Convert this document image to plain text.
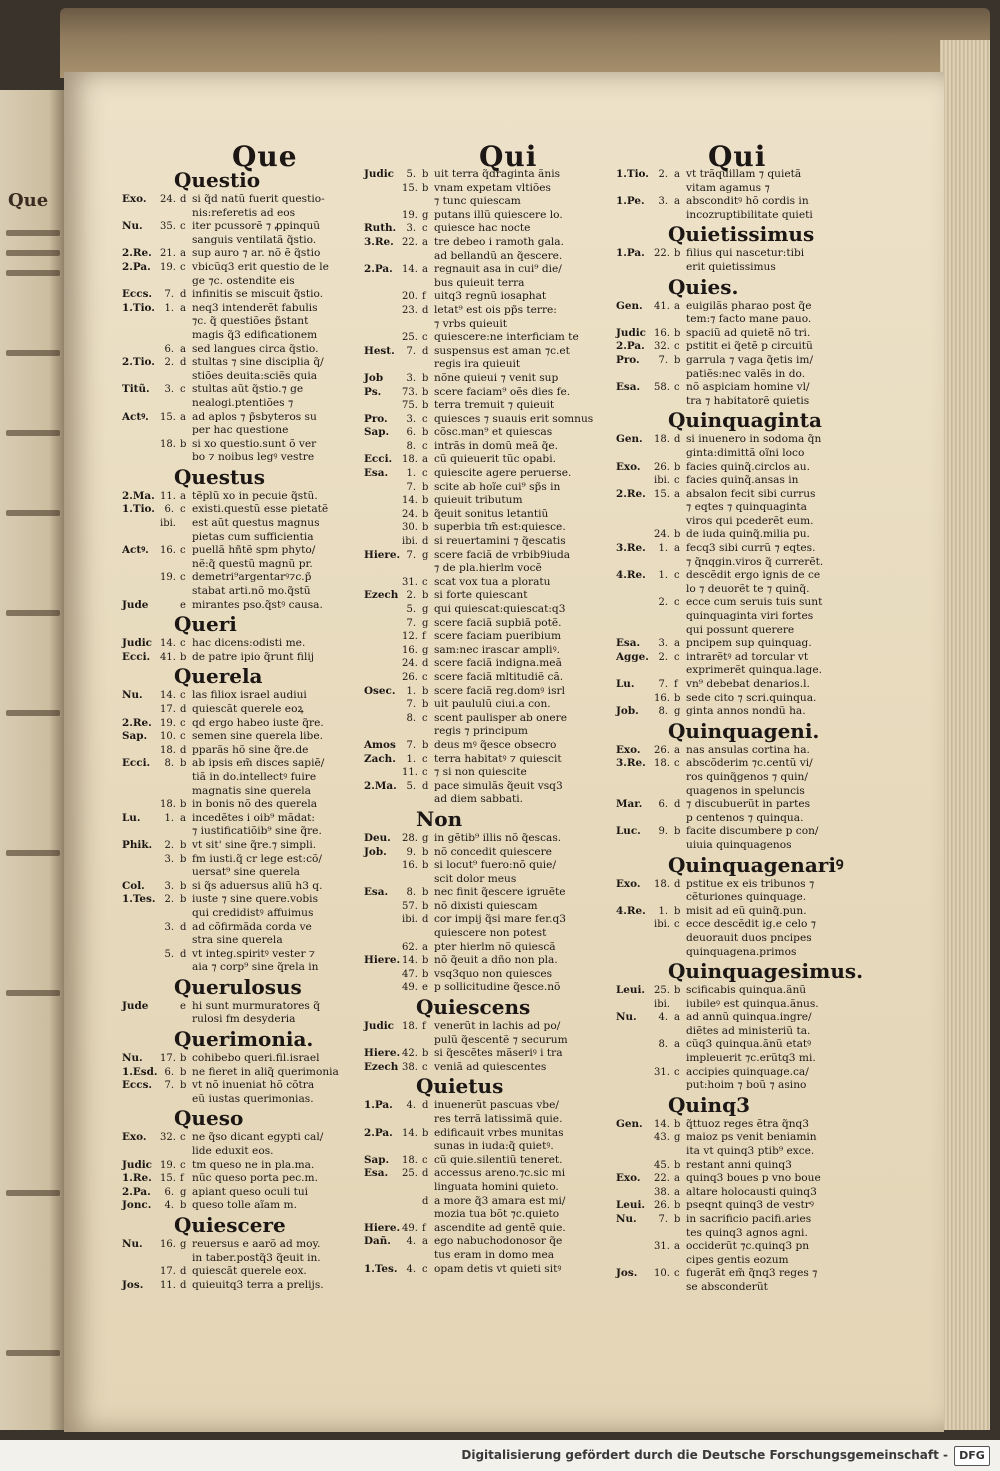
Que
Que
Questio
Exo.	24. d si q̃d natũ fuerit questio-
nis:referetis ad eos
Nu.	35. c iter pcussorẽ ⁊ ꝓpinquũ
sanguis ventilatã q̃stio.
2.Re. 21. a sup auro ⁊ ar. nõ ẽ q̃stio
2.Pa. 19. c vbicũq3 erit questio de le
ge ⁊c. ostendite eis
Eccs.	7. d infinitis se miscuit q̃stio.
1.Tio. 1. a neq3 intenderẽt fabulis
⁊c. q̃ questiões p̃stant
magis q̃3 edificationem
6. a sed langues circa q̃stio.
2.Tio. 2. d stultas ⁊ sine disciplia q̃/
stiões deuita:sciẽs quia
Titũ.	3. c stultas aũt q̃stio.⁊ ge
nealogi.ptentiões ⁊
Actꝰ.	15. a ad aplos ⁊ p̃sbyteros su
per hac questione
18. b si xo questio.sunt õ ver
bo ⁊ noibus legꝰ vestre
Questus
2.Ma. 11. a tẽplũ xo in pecuie q̃stũ.
1.Tio. 6. c existi.questũ esse pietatẽ
ibi. est aũt questus magnus
pietas cum sufficientia
Actꝰ.	16. c puellã hñtẽ spm phyto/
nẽ:q̃ questũ magnũ pr.
19. c demetri⁹argentarꝰ⁊c.p̃
stabat arti.nõ mo.q̃stũ
Jude	e mirantes pso.q̃stꝰ causa.
Queri
Judic 14. c hac dicens:odisti me.
Ecci. 41. b de patre ipio q̃runt filij
Querela
Nu.	14. c las filiox israel audiui
17. d quiescãt querele eoꝝ
2.Re. 19. c qd ergo habeo iuste q̃re.
Sap.	10. c semen sine querela libe.
18. d pparãs hõ sine q̃re.de
Ecci.	8. b ab ipsis em̃ disces sapiẽ/
tiã in do.intellectꝰ fuire
magnatis sine querela
18. b in bonis nõ des querela
Lu.	1. a incedẽtes i oib⁹ mãdat:
⁊ iustificatiõib⁹ sine q̃re.
Phik.	2. b vt sit' sine q̃re.⁊ simpli.
3. b fm iusti.q̃ cr lege est:cõ/
uersat⁹ sine querela
Col.	3. b si q̃s aduersus aliũ h3 q.
1.Tes. 2. b iuste ⁊ sine quere.vobis
qui credidistꝰ affuimus
3. d ad cõfirmãda corda ve
stra sine querela
5. d vt integ.spiritꝰ vester ⁊
aia ⁊ corp⁹ sine q̃rela in
Querulosus
Jude	e hi sunt murmuratores q̃
rulosi fm desyderia
Querimonia.
Nu.	17. b cohibebo queri.fil.israel
1.Esd. 6. b ne fieret in aliq̃ querimonia
Eccs.	7. b vt nõ inueniat hõ cõtra
eũ iustas querimonias.
Queso
Exo.	32. c ne q̃so dicant egypti cal/
lide eduxit eos.
Judic 19. c tm queso ne in pla.ma.
1.Re. 15. f nũc queso porta pec.m.
2.Pa.	6. g apiant queso oculi tui
Jonc.	4. b queso tolle aĩam m.
Quiescere
Nu.	16. g reuersus e aarõ ad moy.
in taber.postq̃3 q̃euit in.
17. d quiescãt querele eox.
Jos.	11. d quieuitq3 terra a prelijs.
Qui
Judic	5. b uit terra q̃draginta ãnis
15. b vnam expetam vltiões
⁊ tunc quiescam
19. g putans illũ quiescere lo.
Ruth.	3. c quiesce hac nocte
3.Re. 22. a tre debeo i ramoth gala.
ad bellandũ an q̃escere.
2.Pa. 14. a regnauit asa in cui⁹ die/
bus quieuit terra
20. f uitq3 regnũ iosaphat
23. d letat⁹ est ois pp̃s terre:
⁊ vrbs quieuit
25. c quiescere:ne interficiam te
Hest.	7. d suspensus est aman ⁊c.et
regis ira quieuit
Job	3. b nõne quieui ⁊ venit sup
Ps.	73. b scere faciam⁹ oẽs dies fe.
75. b terra tremuit ⁊ quieuit
Pro.	3. c quiesces ⁊ suauis erit somnus
Sap.	6. b cõsc.man⁹ et quiescas
8. c intrãs in domũ meã q̃e.
Ecci. 18. a cũ quieuerit tũc opabi.
Esa.	1. c quiescite agere peruerse.
7. b scite ab hoĩe cui⁹ sp̃s in
14. b quieuit tributum
24. b q̃euit sonitus letantiũ
30. b superbia tm̃ est:quiesce.
ibi. d si reuertamini ⁊ q̃escatis
Hiere. 7. g scere faciã de vrbib9iuda
⁊ de pla.hierlm vocẽ
31. c scat vox tua a ploratu
Ezech 2. b si forte quiescant
5. g qui quiescat:quiescat:q3
7. g scere faciã supbiã potẽ.
12. f scere faciam pueribium
16. g sam:nec irascar ampliꝰ.
24. d scere faciã indigna.meã
26. c scere faciã mltitudiẽ cã.
Osec.	1. b scere faciã reg.domꝰ isrl
7. b uit paululũ ciui.a con.
8. c scent paulisper ab onere
regis ⁊ principum
Amos	7. b deus mꝰ q̃esce obsecro
Zach.	1. c terra habitatꝰ ⁊ quiescit
11. c ⁊ si non quiescite
2.Ma. 5. d pace simulãs q̃euit vsq3
ad diem sabbati.
Non
Deu.	28. g in gẽtib⁹ illis nõ q̃escas.
Job.	9. b nõ concedit quiescere
16. b si locut⁹ fuero:nõ quie/
scit dolor meus
Esa.	8. b nec finit q̃escere igruẽte
57. b nõ dixisti quiescam
ibi. d cor impij q̃si mare fer.q3
quiescere non potest
62. a pter hierlm nõ quiescã
Hiere. 14. b nõ q̃euit a dño non pla.
47. b vsq3quo non quiesces
49. e p sollicitudine q̃esce.nõ
Quiescens
Judic 18. f venerũt in lachis ad po/
pulũ q̃escentẽ ⁊ securum
Hiere. 42. b si q̃escẽtes mãseriꝰ i tra
Ezech 38. c veniã ad quiescentes
Quietus
1.Pa.	4. d inuenerũt pascuas vbe/
res terrã latissimã quie.
2.Pa. 14. b edificauit vrbes munitas
sunas in iuda:q̃ quietꝰ.
Sap.	18. c cũ quie.silentiũ teneret.
Esa.	25. d accessus areno.⁊c.sic mi
linguata homini quieto.
d a more q̃3 amara est mi/
mozia tua bõt ⁊c.quieto
Hiere. 49. f ascendite ad gentẽ quie.
Dañ.	4. a ego nabuchodonosor q̃e
tus eram in domo mea
1.Tes. 4. c opam detis vt quieti sitꝰ
Qui
1.Tio. 2. a vt trãquillam ⁊ quietã
vitam agamus ⁊
1.Pe.	3. a absconditꝰ hõ cordis in
incozruptibilitate quieti
Quietissimus
1.Pa. 22. b filius qui nascetur:tibi
erit quietissimus
Quies.
Gen.	41. a euigilãs pharao post q̃e
tem:⁊ facto mane pauo.
Judic 16. b spaciũ ad quietẽ nõ tri.
2.Pa. 32. c pstitit ei q̃etẽ p circuitũ
Pro.	7. b garrula ⁊ vaga q̃etis im/
patiẽs:nec valẽs in do.
Esa.	58. c nõ aspiciam homine vl/
tra ⁊ habitatorẽ quietis
Quinquaginta
Gen.	18. d si inuenero in sodoma q̃n
ginta:dimittã oĩni loco
Exo.	26. b facies quinq̃.circlos au.
ibi. c facies quinq̃.ansas in
2.Re. 15. a absalon fecit sibi currus
⁊ eqtes ⁊ quinquaginta
viros qui pcederẽt eum.
24. b de iuda quinq̃.milia pu.
3.Re.	1. a fecq3 sibi currũ ⁊ eqtes.
⁊ q̃nqgin.viros q̃ currerẽt.
4.Re.	1. c descẽdit ergo ignis de ce
lo ⁊ deuorẽt te ⁊ quinq̃.
2. c ecce cum seruis tuis sunt
quinquaginta viri fortes
qui possunt querere
Esa.	3. a pncipem sup quinquag.
Agge. 2. c intrarẽtꝰ ad torcular vt
exprimerẽt quinqua.lage.
Lu.	7. f vn⁹ debebat denarios.l.
16. b sede cito ⁊ scri.quinqua.
Job.	8. g ginta annos nondũ ha.
Quinquageni.
Exo.	26. a nas ansulas cortina ha.
3.Re. 18. c abscõderim ⁊c.centũ vi/
ros quinq̃genos ⁊ quin/
quagenos in speluncis
Mar.	6. d ⁊ discubuerũt in partes
p centenos ⁊ quinqua.
Luc.	9. b facite discumbere p con/
uiuia quinquagenos
Quinquagenariꝰ
Exo.	18. d pstitue ex eis tribunos ⁊
cẽturiones quinquage.
4.Re.	1. b misit ad eũ quinq̃.pun.
ibi. c ecce descẽdit ig.e celo ⁊
deuorauit duos pncipes
quinquagena.primos
Quinquagesimus.
Leui. 25. b scificabis quinqua.ãnũ
ibi. iubileꝰ est quinqua.ãnus.
Nu.	4. a ad annũ quinqua.ingre/
diẽtes ad ministeriũ ta.
8. a cũq3 quinqua.ãnũ etatꝰ
impleuerit ⁊c.erũtq3 mi.
31. c accipies quinquage.ca/
put:hoim ⁊ boũ ⁊ asino
Quinq3
Gen.	14. b q̃ttuoz reges ẽtra q̃nq3
43. g maioz ps venit beniamin
ita vt quinq3 ptib⁹ exce.
45. b restant anni quinq3
Exo.	22. a quinq3 boues p vno boue
38. a altare holocausti quinq3
Leui. 26. b pseqnt quinq3 de vestrꝰ
Nu.	7. b in sacrificio pacifi.aries
tes quinq3 agnos agni.
31. a occiderũt ⁊c.quinq3 pn
cipes gentis eozum
Jos.	10. c fugerãt em̃ q̃nq3 reges ⁊
se absconderũt
Digitalisierung gefördert durch die Deutsche Forschungsgemeinschaft -	DFG
